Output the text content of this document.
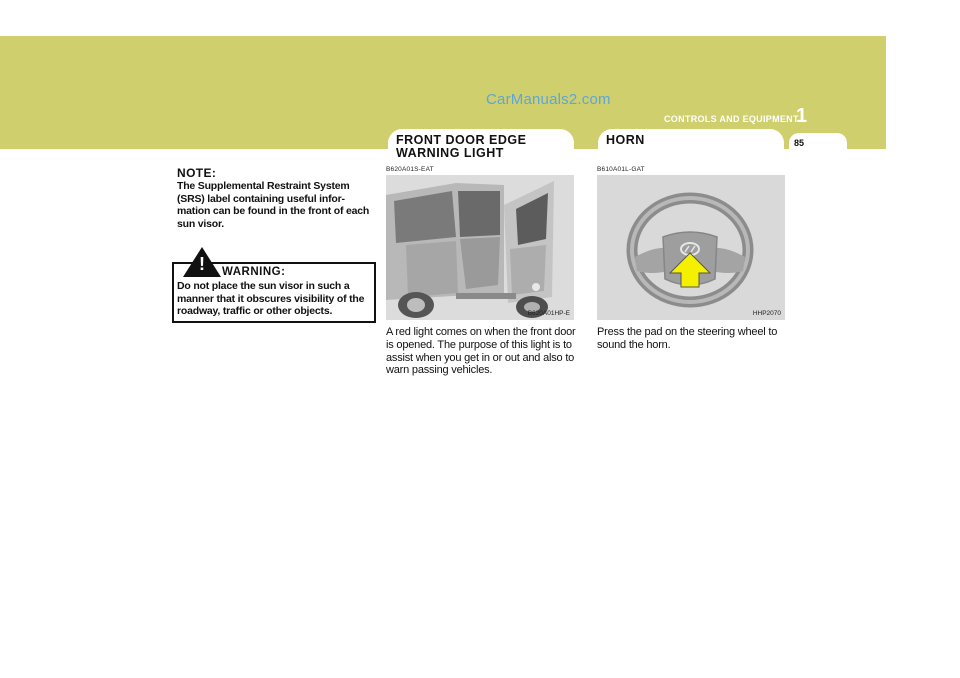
CarManuals2.com
CONTROLS AND EQUIPMENT
1
FRONT DOOR EDGE
WARNING LIGHT
HORN	85
NOTE:
The Supplemental Restraint System (SRS) label containing useful infor-mation can be found in the front of each sun visor.
!	WARNING:
Do not place the sun visor in such a manner that it obscures visibility of the roadway, traffic or other objects.
B620A01S-EAT
B620A01HP-E
A red light comes on when the front door is opened. The purpose of this light is to assist when you get in or out and also to warn passing vehicles.
B610A01L-GAT
HHP2070
Press the pad on the steering wheel to sound the horn.
